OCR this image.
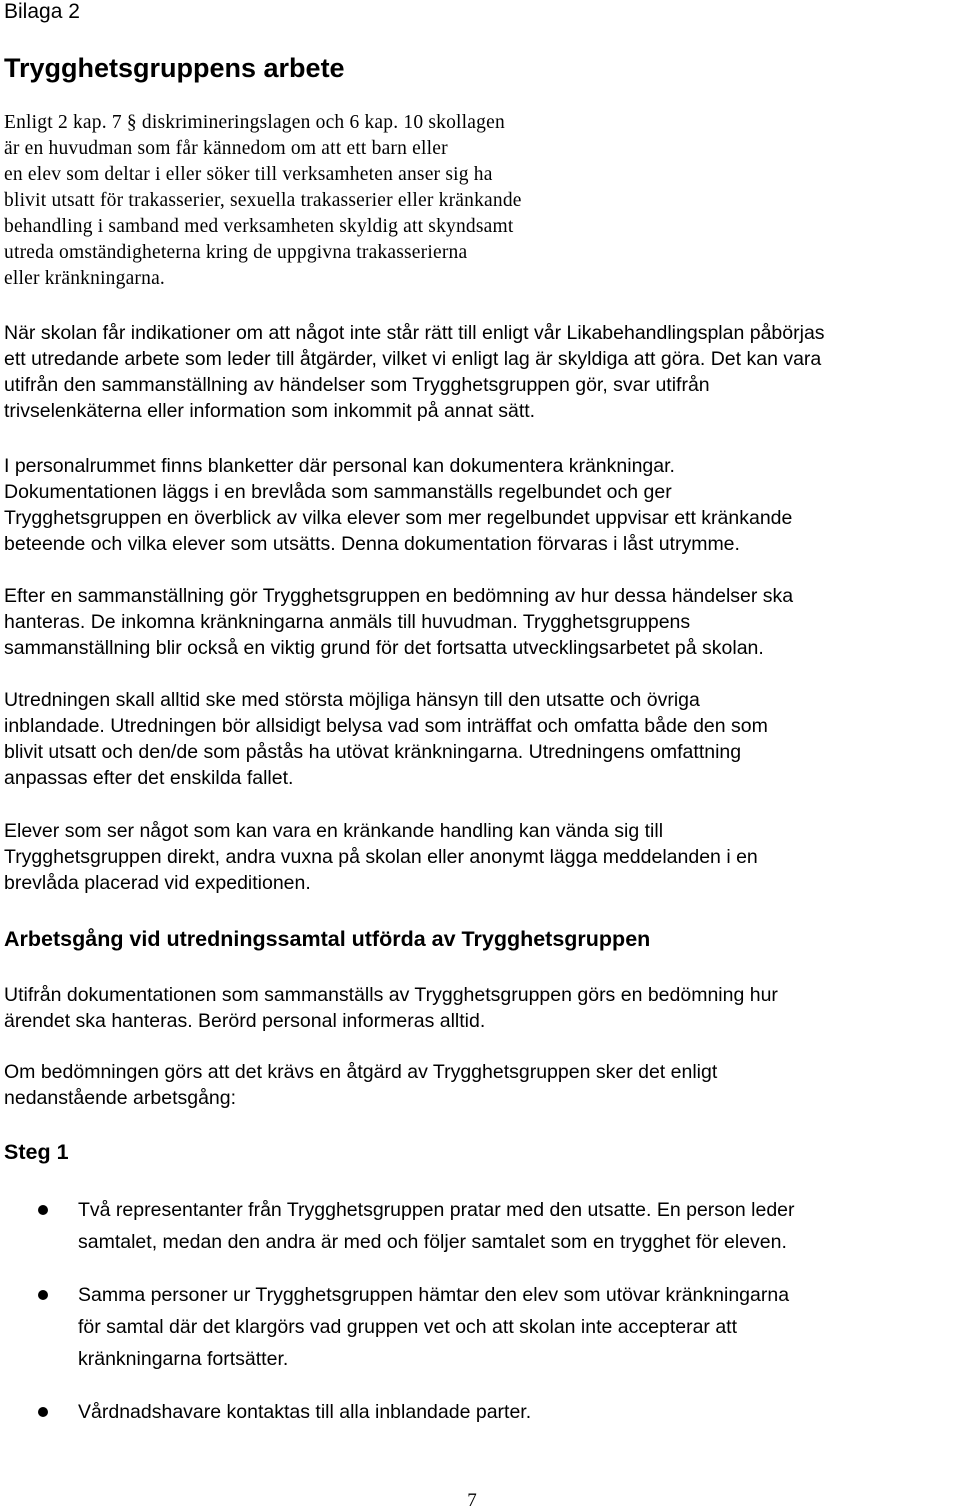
Bilaga 2
Trygghetsgruppens arbete

Enligt 2 kap. 7 § diskrimineringslagen och 6 kap. 10 skollagen
är en huvudman som får kännedom om att ett barn eller
en elev som deltar i eller söker till verksamheten anser sig ha
blivit utsatt för trakasserier, sexuella trakasserier eller kränkande
behandling i samband med verksamheten skyldig att skyndsamt
utreda omständigheterna kring de uppgivna trakasserierna
eller kränkningarna.

När skolan får indikationer om att något inte står rätt till enligt vår Likabehandlingsplan påbörjas
ett utredande arbete som leder till åtgärder, vilket vi enligt lag är skyldiga att göra. Det kan vara
utifrån den sammanställning av händelser som Trygghetsgruppen gör, svar utifrån
trivselenkäterna eller information som inkommit på annat sätt.

I personalrummet finns blanketter där personal kan dokumentera kränkningar.
Dokumentationen läggs i en brevlåda som sammanställs regelbundet och ger
Trygghetsgruppen en överblick av vilka elever som mer regelbundet uppvisar ett kränkande
beteende och vilka elever som utsätts. Denna dokumentation förvaras i låst utrymme.

Efter en sammanställning gör Trygghetsgruppen en bedömning av hur dessa händelser ska
hanteras. De inkomna kränkningarna anmäls till huvudman. Trygghetsgruppens
sammanställning blir också en viktig grund för det fortsatta utvecklingsarbetet på skolan.

Utredningen skall alltid ske med största möjliga hänsyn till den utsatte och övriga
inblandade. Utredningen bör allsidigt belysa vad som inträffat och omfatta både den som
blivit utsatt och den/de som påstås ha utövat kränkningarna. Utredningens omfattning
anpassas efter det enskilda fallet.

Elever som ser något som kan vara en kränkande handling kan vända sig till
Trygghetsgruppen direkt, andra vuxna på skolan eller anonymt lägga meddelanden i en
brevlåda placerad vid expeditionen.

Arbetsgång vid utredningssamtal utförda av Trygghetsgruppen

Utifrån dokumentationen som sammanställs av Trygghetsgruppen görs en bedömning hur
ärendet ska hanteras. Berörd personal informeras alltid.

Om bedömningen görs att det krävs en åtgärd av Trygghetsgruppen sker det enligt
nedanstående arbetsgång:

Steg 1
Två representanter från Trygghetsgruppen pratar med den utsatte. En person leder
samtalet, medan den andra är med och följer samtalet som en trygghet för eleven.
Samma personer ur Trygghetsgruppen hämtar den elev som utövar kränkningarna
för samtal där det klargörs vad gruppen vet och att skolan inte accepterar att
kränkningarna fortsätter.
Vårdnadshavare kontaktas till alla inblandade parter.
7
